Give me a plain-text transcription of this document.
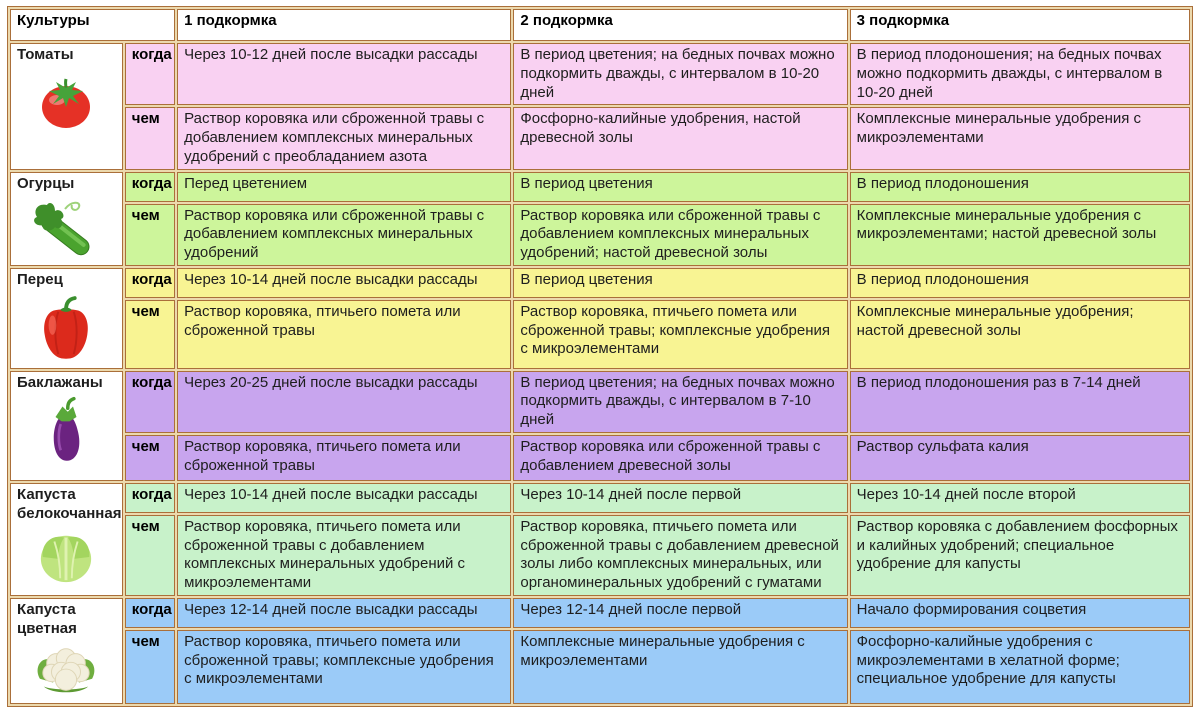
Культуры		1 подкормка	2 подкормка	3 подкормка

Томаты	когда	Через 10-12 дней после высадки рассады	В период цветения; на бедных почвах можно подкормить дважды, с интервалом в 10-20 дней	В период плодоношения; на бедных почвах можно подкормить дважды, с интервалом в 10-20 дней
	чем	Раствор коровяка или сброженной травы с добавлением комплексных минеральных удобрений с преобладанием азота	Фосфорно-калийные удобрения, настой древесной золы	Комплексные минеральные удобрения с микроэлементами

Огурцы	когда	Перед цветением	В период цветения	В период плодоношения
	чем	Раствор коровяка или сброженной травы с добавлением комплексных минеральных удобрений	Раствор коровяка или сброженной травы с добавлением комплексных минеральных удобрений; настой древесной золы	Комплексные минеральные удобрения с микроэлементами; настой древесной золы

Перец	когда	Через 10-14 дней после высадки рассады	В период цветения	В период плодоношения
	чем	Раствор коровяка, птичьего помета или сброженной травы	Раствор коровяка, птичьего помета или сброженной травы; комплексные удобрения с микроэлементами	Комплексные минеральные удобрения; настой древесной золы

Баклажаны	когда	Через 20-25 дней после высадки рассады	В период цветения; на бедных почвах можно подкормить дважды, с интервалом в 7-10 дней	В период плодоношения раз в 7-14 дней
	чем	Раствор коровяка, птичьего помета или сброженной травы	Раствор коровяка или сброженной травы с добавлением древесной золы	Раствор сульфата калия

Капуста белокочанная	когда	Через 10-14 дней после высадки рассады	Через 10-14 дней после первой	Через 10-14 дней после второй
	чем	Раствор коровяка, птичьего помета или сброженной травы с добавлением комплексных минеральных удобрений с микроэлементами	Раствор коровяка, птичьего помета или сброженной травы с добавлением древесной золы либо комплексных минеральных, или органоминеральных удобрений с гуматами	Раствор коровяка с добавлением фосфорных и калийных удобрений; специальное удобрение для капусты

Капуста цветная	когда	Через 12-14 дней после высадки рассады	Через 12-14 дней после первой	Начало формирования соцветия
	чем	Раствор коровяка, птичьего помета или сброженной травы; комплексные удобрения с микроэлементами	Комплексные минеральные удобрения с микроэлементами	Фосфорно-калийные удобрения с микроэлементами в хелатной форме; специальное удобрение для капусты
